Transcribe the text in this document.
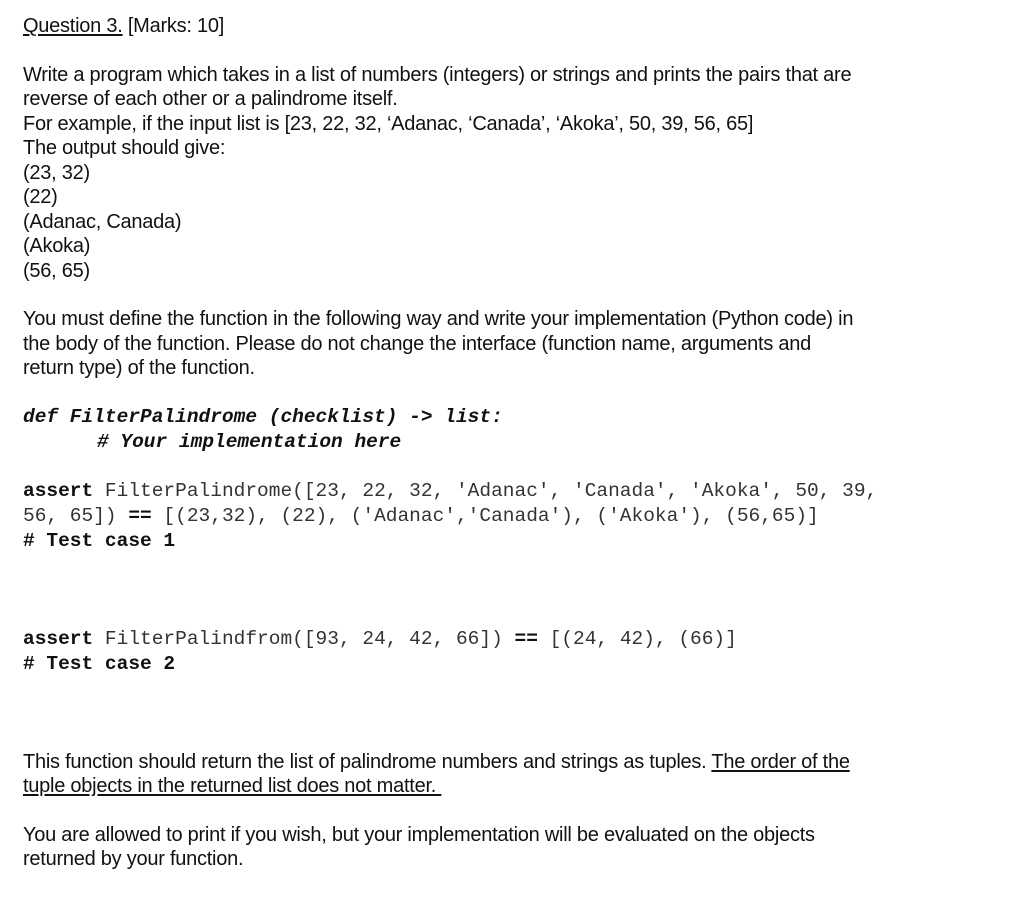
Question 3. [Marks: 10]
Write a program which takes in a list of numbers (integers) or strings and prints the pairs that are
reverse of each other or a palindrome itself.
For example, if the input list is [23, 22, 32, ‘Adanac, ‘Canada’, ‘Akoka’, 50, 39, 56, 65]
The output should give:
(23, 32)
(22)
(Adanac, Canada)
(Akoka)
(56, 65)
You must define the function in the following way and write your implementation (Python code) in
the body of the function. Please do not change the interface (function name, arguments and
return type) of the function.
def FilterPalindrome (checklist) -> list:
# Your implementation here
assert FilterPalindrome([23, 22, 32, 'Adanac', 'Canada', 'Akoka', 50, 39,
56, 65]) == [(23,32), (22), ('Adanac','Canada'), ('Akoka'), (56,65)]
# Test case 1
assert FilterPalindfrom([93, 24, 42, 66]) == [(24, 42), (66)]
# Test case 2
This function should return the list of palindrome numbers and strings as tuples. The order of the
tuple objects in the returned list does not matter.
You are allowed to print if you wish, but your implementation will be evaluated on the objects
returned by your function.
